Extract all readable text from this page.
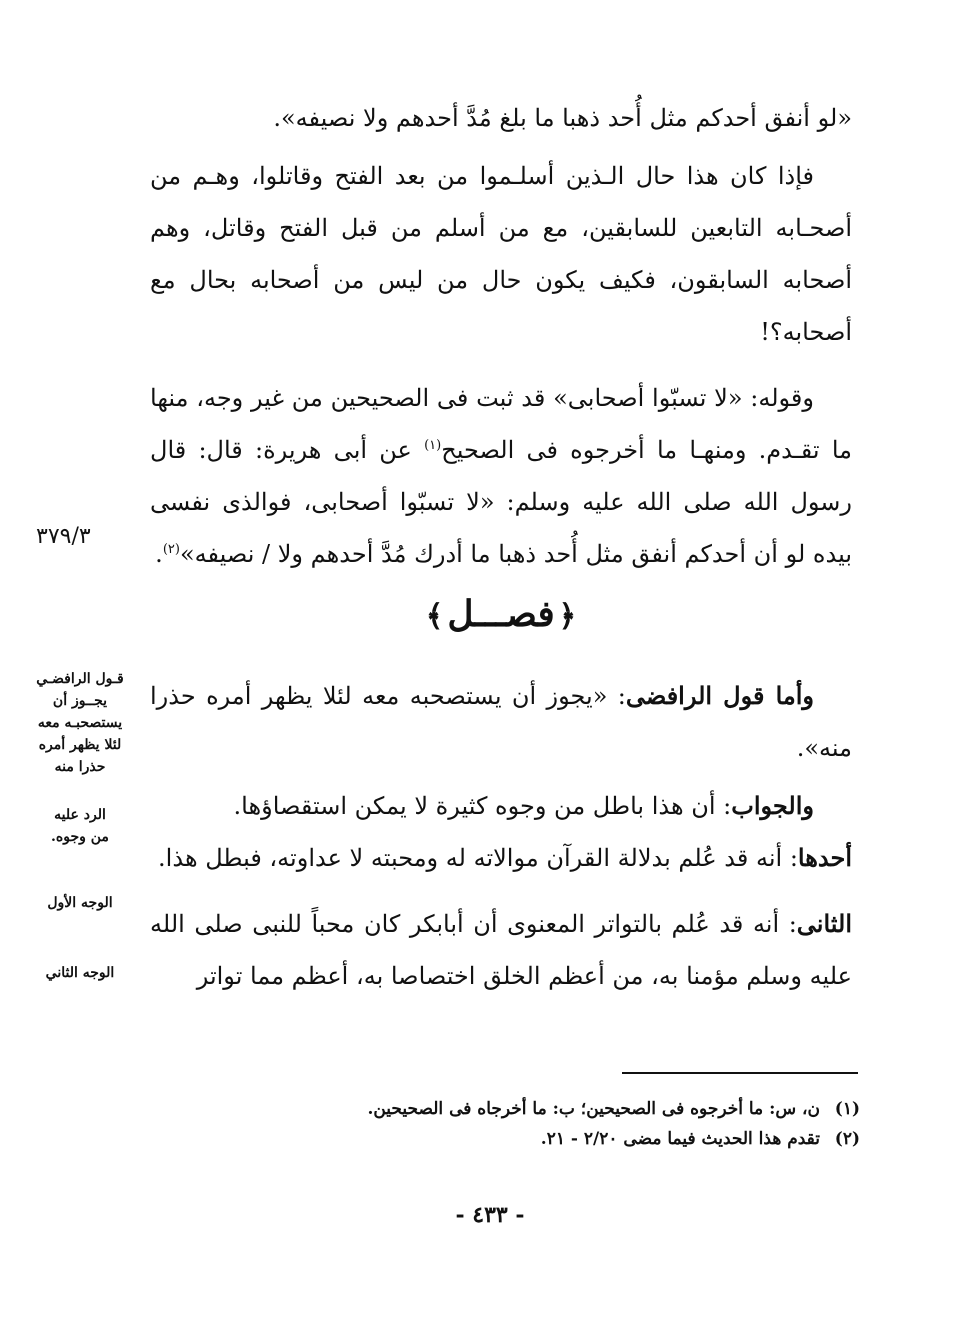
«لو أنفق أحدكم مثل أُحد ذهبا ما بلغ مُدَّ أحدهم ولا نصيفه».

فإذا كان هذا حال الـذين أسلـموا من بعد الفتح وقاتلوا، وهـم من أصحـابه التابعين للسابقين، مع من أسلم من قبل الفتح وقاتل، وهم أصحابه السابقون، فكيف يكون حال من ليس من أصحابه بحال مع أصحابه؟!

وقوله: «لا تسبّوا أصحابى» قد ثبت فى الصحيحين من غير وجه، منها ما تقـدم. ومنهـا ما أخرجوه فى الصحيح$^{(١)}$ عن أبى هريرة: قال: قال رسول الله صلى الله عليه وسلم: «لا تسبّوا أصحابى، فوالذى نفسى بيده لو أن أحدكم أنفق مثل أُحد ذهبا ما أدرك مُدَّ أحدهم ولا / نصيفه»$^{(٢)}$.

٣٧٩/٣
﴿فصـــل﴾

وأما قول الرافضى: «يجوز أن يستصحبه معه لئلا يظهر أمره حذرا منه».

والجواب: أن هذا باطل من وجوه كثيرة لا يمكن استقصاؤها.

أحدها: أنه قد عُلم بدلالة القرآن موالاته له ومحبته لا عداوته، فبطل هذا.

الثانى: أنه قد عُلم بالتواتر المعنوى أن أبابكر كان محباً للنبى صلى الله عليه وسلم مؤمنا به، من أعظم الخلق اختصاصا به، أعظم مما تواتر

قـول الرافضـي

يجــوز أن

يستصحبـه معه

لئلا يظهر أمره

حذرا منه

الرد عليه

من وجوه.

الوجه الأول
الوجه الثاني

(١)ن، س: ما أخرجوه فى الصحيحين؛ ب: ما أخرجاه فى الصحيحين.

(٢)تقدم هذا الحديث فيما مضى ٢/٢٠ - ٢١.

- ٤٣٣ -
